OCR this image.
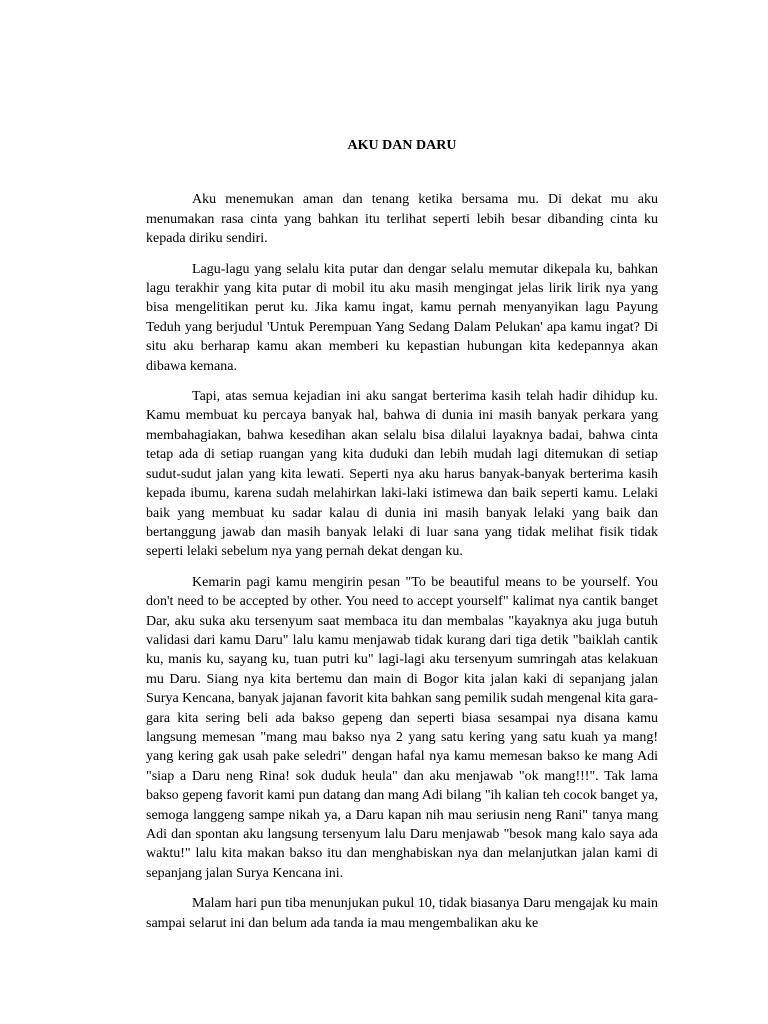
AKU DAN DARU

Aku menemukan aman dan tenang ketika bersama mu. Di dekat mu aku menumakan rasa cinta yang bahkan itu terlihat seperti lebih besar dibanding cinta ku kepada diriku sendiri.

Lagu-lagu yang selalu kita putar dan dengar selalu memutar dikepala ku, bahkan lagu terakhir yang kita putar di mobil itu aku masih mengingat jelas lirik lirik nya yang bisa mengelitikan perut ku. Jika kamu ingat, kamu pernah menyanyikan lagu Payung Teduh yang berjudul 'Untuk Perempuan Yang Sedang Dalam Pelukan' apa kamu ingat? Di situ aku berharap kamu akan memberi ku kepastian hubungan kita kedepannya akan dibawa kemana.

Tapi, atas semua kejadian ini aku sangat berterima kasih telah hadir dihidup ku. Kamu membuat ku percaya banyak hal, bahwa di dunia ini masih banyak perkara yang membahagiakan, bahwa kesedihan akan selalu bisa dilalui layaknya badai, bahwa cinta tetap ada di setiap ruangan yang kita duduki dan lebih mudah lagi ditemukan di setiap sudut-sudut jalan yang kita lewati. Seperti nya aku harus banyak-banyak berterima kasih kepada ibumu, karena sudah melahirkan laki-laki istimewa dan baik seperti kamu. Lelaki baik yang membuat ku sadar kalau di dunia ini masih banyak lelaki yang baik dan bertanggung jawab dan masih banyak lelaki di luar sana yang tidak melihat fisik tidak seperti lelaki sebelum nya yang pernah dekat dengan ku.

Kemarin pagi kamu mengirin pesan "To be beautiful means to be yourself. You don't need to be accepted by other. You need to accept yourself" kalimat nya cantik banget Dar, aku suka aku tersenyum saat membaca itu dan membalas "kayaknya aku juga butuh validasi dari kamu Daru" lalu kamu menjawab tidak kurang dari tiga detik "baiklah cantik ku, manis ku, sayang ku, tuan putri ku" lagi-lagi aku tersenyum sumringah atas kelakuan mu Daru. Siang nya kita bertemu dan main di Bogor kita jalan kaki di sepanjang jalan Surya Kencana, banyak jajanan favorit kita bahkan sang pemilik sudah mengenal kita gara-gara kita sering beli ada bakso gepeng dan seperti biasa sesampai nya disana kamu langsung memesan "mang mau bakso nya 2 yang satu kering yang satu kuah ya mang! yang kering gak usah pake seledri" dengan hafal nya kamu memesan bakso ke mang Adi "siap a Daru neng Rina! sok duduk heula" dan aku menjawab "ok mang!!!". Tak lama bakso gepeng favorit kami pun datang dan mang Adi bilang "ih kalian teh cocok banget ya, semoga langgeng sampe nikah ya, a Daru kapan nih mau seriusin neng Rani" tanya mang Adi dan spontan aku langsung tersenyum lalu Daru menjawab "besok mang kalo saya ada waktu!" lalu kita makan bakso itu dan menghabiskan nya dan melanjutkan jalan kami di sepanjang jalan Surya Kencana ini.

Malam hari pun tiba menunjukan pukul 10, tidak biasanya Daru mengajak ku main sampai selarut ini dan belum ada tanda ia mau mengembalikan aku ke
